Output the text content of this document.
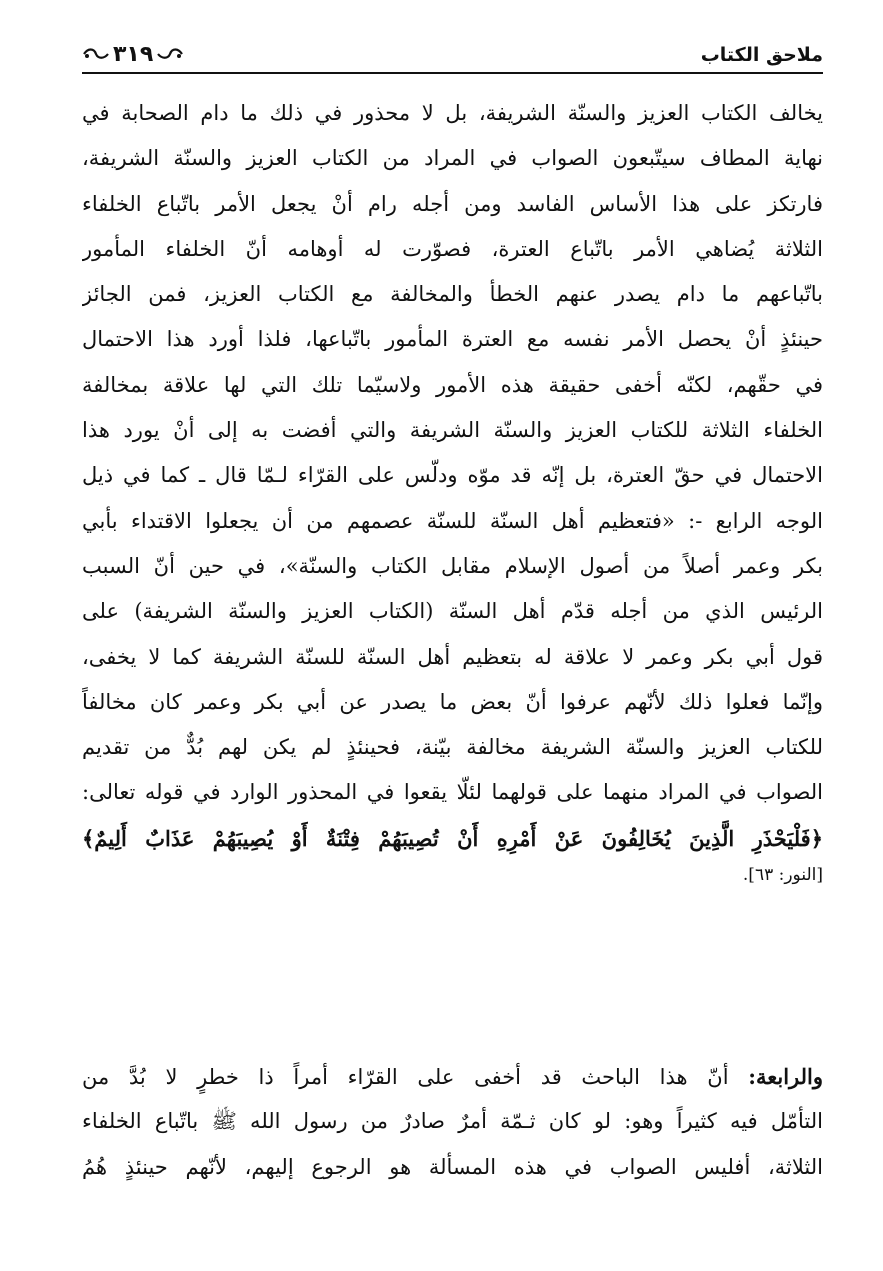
ملاحق الكتاب
٣١٩
يخالف الكتاب العزيز والسنّة الشريفة، بل لا محذور في ذلك ما دام الصحابة في
نهاية المطاف سيتّبعون الصواب في المراد من الكتاب العزيز والسنّة الشريفة،
فارتكز على هذا الأساس الفاسد ومن أجله رام أنْ يجعل الأمر باتّباع الخلفاء
الثلاثة يُضاهي الأمر باتّباع العترة، فصوّرت له أوهامه أنّ الخلفاء المأمور
باتّباعهم ما دام يصدر عنهم الخطأ والمخالفة مع الكتاب العزيز، فمن الجائز
حينئذٍ أنْ يحصل الأمر نفسه مع العترة المأمور باتّباعها، فلذا أورد هذا الاحتمال
في حقّهم، لكنّه أخفى حقيقة هذه الأمور ولاسيّما تلك التي لها علاقة بمخالفة
الخلفاء الثلاثة للكتاب العزيز والسنّة الشريفة والتي أفضت به إلى أنْ يورد هذا
الاحتمال في حقّ العترة، بل إنّه قد موّه ودلّس على القرّاء لـمّا قال ـ كما في ذيل
الوجه الرابع -: «فتعظيم أهل السنّة للسنّة عصمهم من أن يجعلوا الاقتداء بأبي
بكر وعمر أصلاً من أصول الإسلام مقابل الكتاب والسنّة»، في حين أنّ السبب
الرئيس الذي من أجله قدّم أهل السنّة (الكتاب العزيز والسنّة الشريفة) على
قول أبي بكر وعمر لا علاقة له بتعظيم أهل السنّة للسنّة الشريفة كما لا يخفى،
وإنّما فعلوا ذلك لأنّهم عرفوا أنّ بعض ما يصدر عن أبي بكر وعمر كان مخالفاً
للكتاب العزيز والسنّة الشريفة مخالفة بيّنة، فحينئذٍ لم يكن لهم بُدٌّ من تقديم
الصواب في المراد منهما على قولهما لئلّا يقعوا في المحذور الوارد في قوله تعالى:
﴿فَلْيَحْذَرِ الَّذِينَ يُخَالِفُونَ عَنْ أَمْرِهِ أَنْ تُصِيبَهُمْ فِتْنَةٌ أَوْ يُصِيبَهُمْ عَذَابٌ أَلِيمٌ﴾
[النور: ٦٣].
والرابعة: أنّ هذا الباحث قد أخفى على القرّاء أمراً ذا خطرٍ لا بُدَّ من
التأمّل فيه كثيراً وهو: لو كان ثـمّة أمرٌ صادرٌ من رسول الله ﷺ باتّباع الخلفاء
الثلاثة، أفليس الصواب في هذه المسألة هو الرجوع إليهم، لأنّهم حينئذٍ هُمُ
